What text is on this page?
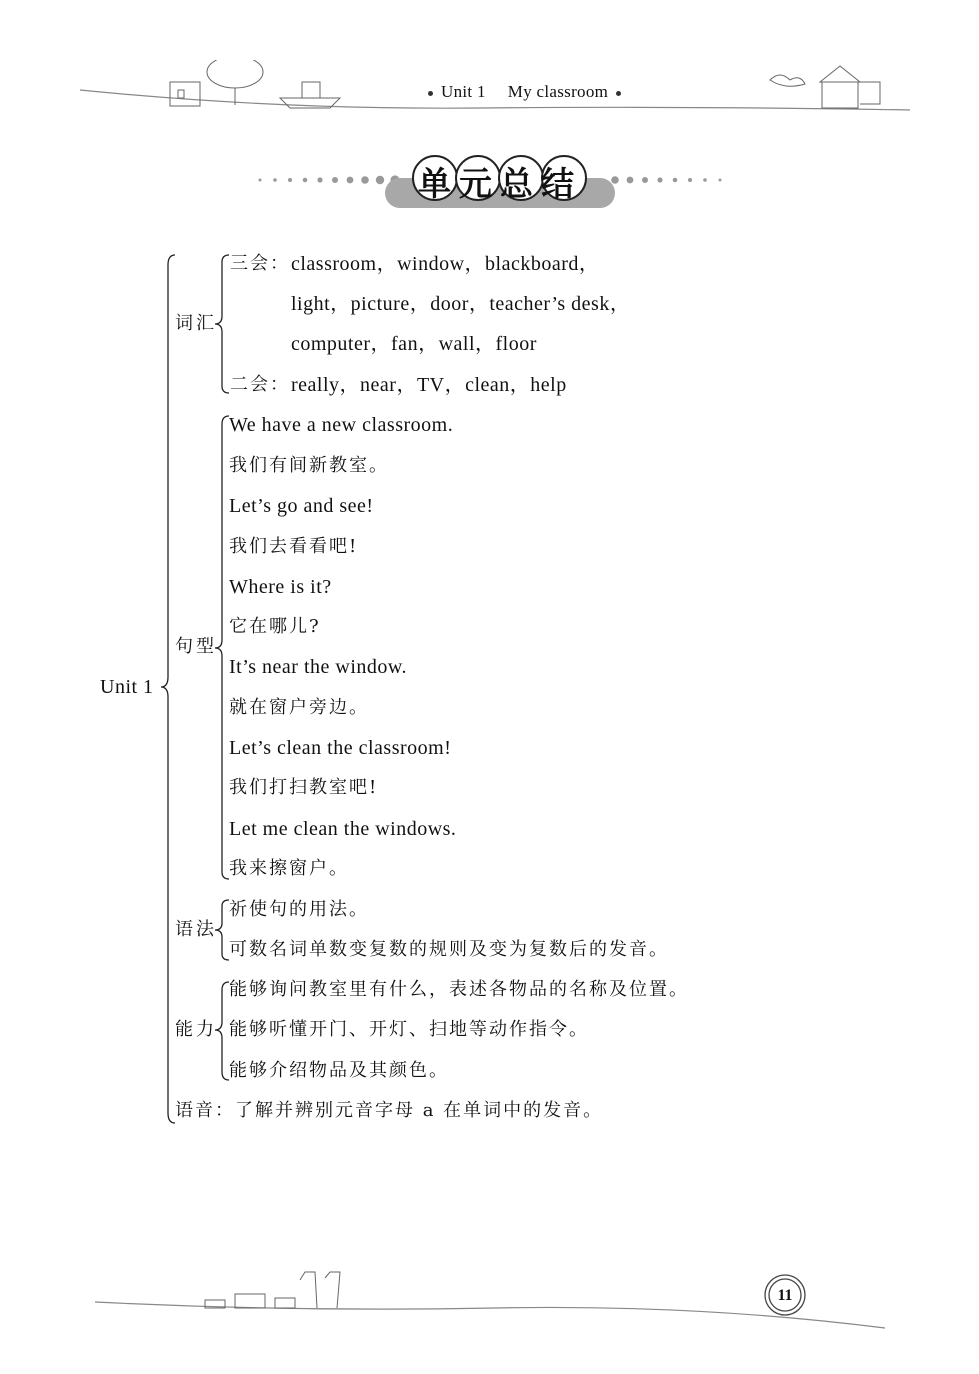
Unit 1 My classroom
单元总结
Unit 1
词汇
三会： classroom，window，blackboard，
light，picture，door，teacher’s desk，
computer，fan，wall，floor
二会： really，near，TV，clean，help
句型
We have a new classroom.
我们有间新教室。
Let’s go and see!
我们去看看吧!
Where is it?
它在哪儿?
It’s near the window.
就在窗户旁边。
Let’s clean the classroom!
我们打扫教室吧!
Let me clean the windows.
我来擦窗户。
语法
祈使句的用法。
可数名词单数变复数的规则及变为复数后的发音。
能力
能够询问教室里有什么，表述各物品的名称及位置。
能够听懂开门、开灯、扫地等动作指令。
能够介绍物品及其颜色。
语音：了解并辨别元音字母 a 在单词中的发音。
11
